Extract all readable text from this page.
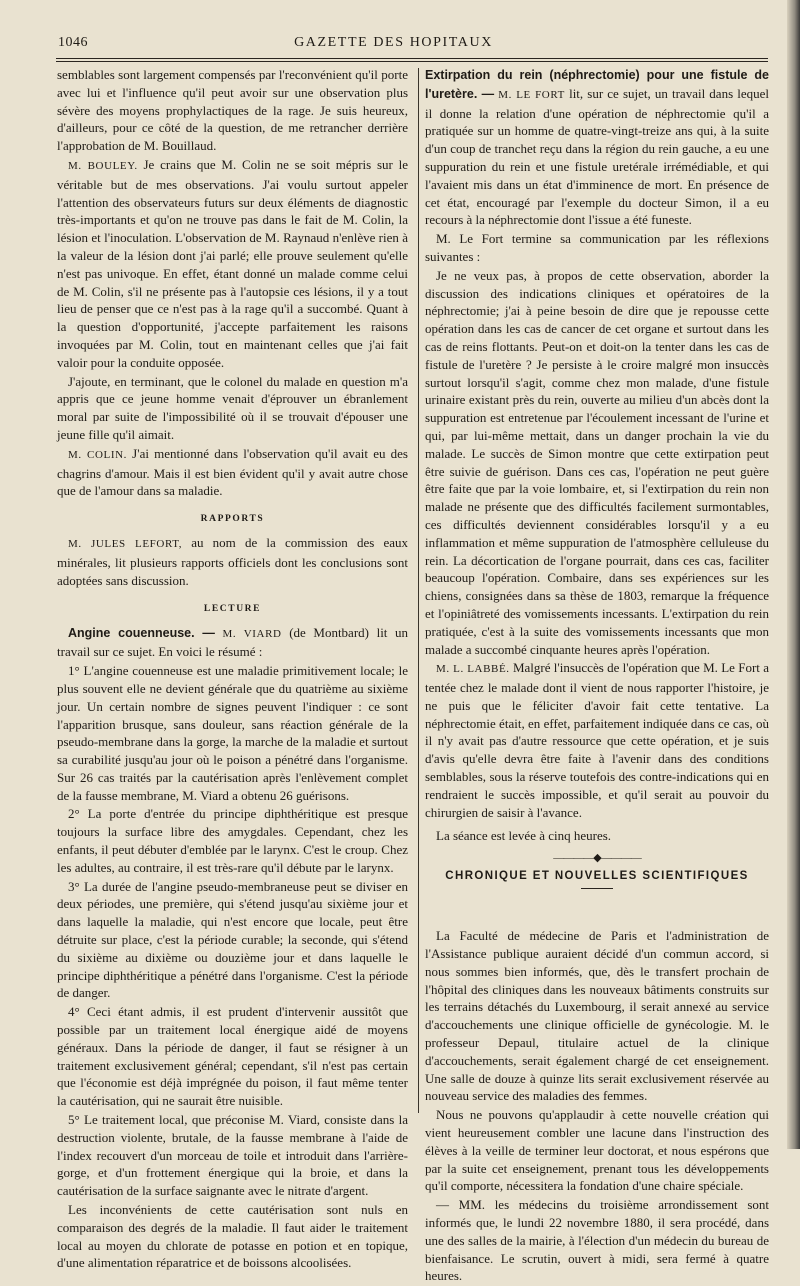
1046	GAZETTE DES HOPITAUX

semblables sont largement compensés par l'reconvénient qu'il porte avec lui et l'influence qu'il peut avoir sur une observation plus sévère des moyens prophylactiques de la rage. Je suis heureux, d'ailleurs, pour ce côté de la question, de me retrancher derrière l'approbation de M. Bouillaud.

M. BOULEY. Je crains que M. Colin ne se soit mépris sur le véritable but de mes observations. J'ai voulu surtout appeler l'attention des observateurs futurs sur deux éléments de diagnostic très-importants et qu'on ne trouve pas dans le fait de M. Colin, la lésion et l'inoculation. L'observation de M. Raynaud n'enlève rien à la valeur de la lésion dont j'ai parlé; elle prouve seulement qu'elle n'est pas univoque. En effet, étant donné un malade comme celui de M. Colin, s'il ne présente pas à l'autopsie ces lésions, il y a tout lieu de penser que ce n'est pas à la rage qu'il a succombé. Quant à la question d'opportunité, j'accepte parfaitement les raisons invoquées par M. Colin, tout en maintenant celles que j'ai fait valoir pour la conduite opposée.

J'ajoute, en terminant, que le colonel du malade en question m'a appris que ce jeune homme venait d'éprouver un ébranlement moral par suite de l'impossibilité où il se trouvait d'épouser une jeune fille qu'il aimait.

M. COLIN. J'ai mentionné dans l'observation qu'il avait eu des chagrins d'amour. Mais il est bien évident qu'il y avait autre chose que de l'amour dans sa maladie.

RAPPORTS

M. JULES LEFORT, au nom de la commission des eaux minérales, lit plusieurs rapports officiels dont les conclusions sont adoptées sans discussion.

LECTURE

Angine couenneuse. — M. VIARD (de Montbard) lit un travail sur ce sujet. En voici le résumé :

1° L'angine couenneuse est une maladie primitivement locale; le plus souvent elle ne devient générale que du quatrième au sixième jour. Un certain nombre de signes peuvent l'indiquer : ce sont l'apparition brusque, sans douleur, sans réaction générale de la pseudo-membrane dans la gorge, la marche de la maladie et surtout sa curabilité jusqu'au jour où le poison a pénétré dans l'organisme. Sur 26 cas traités par la cautérisation après l'enlèvement complet de la fausse membrane, M. Viard a obtenu 26 guérisons.

2° La porte d'entrée du principe diphthéritique est presque toujours la surface libre des amygdales. Cependant, chez les enfants, il peut débuter d'emblée par le larynx. C'est le croup. Chez les adultes, au contraire, il est très-rare qu'il débute par le larynx.

3° La durée de l'angine pseudo-membraneuse peut se diviser en deux périodes, une première, qui s'étend jusqu'au sixième jour et dans laquelle la maladie, qui n'est encore que locale, peut être détruite sur place, c'est la période curable; la seconde, qui s'étend du sixième au dixième ou douzième jour et dans laquelle le principe diphthéritique a pénétré dans l'organisme. C'est la période de danger.

4° Ceci étant admis, il est prudent d'intervenir aussitôt que possible par un traitement local énergique aidé de moyens généraux. Dans la période de danger, il faut se résigner à un traitement exclusivement général; cependant, s'il n'est pas certain que l'économie est déjà imprégnée du poison, il faut même tenter la cautérisation, qui ne saurait être nuisible.

5° Le traitement local, que préconise M. Viard, consiste dans la destruction violente, brutale, de la fausse membrane à l'aide de l'index recouvert d'un morceau de toile et introduit dans l'arrière-gorge, et d'un frottement énergique qui la broie, et dans la cautérisation de la surface saignante avec le nitrate d'argent.

Les inconvénients de cette cautérisation sont nuls en comparaison des degrés de la maladie. Il faut aider le traitement local au moyen du chlorate de potasse en potion et en topique, d'une alimentation réparatrice et de boissons alcoolisées.

Extirpation du rein (néphrectomie) pour une fistule de l'uretère. — M. LE FORT lit, sur ce sujet, un travail dans lequel il donne la relation d'une opération de néphrectomie qu'il a pratiquée sur un homme de quatre-vingt-treize ans qui, à la suite d'un coup de tranchet reçu dans la région du rein gauche, a eu une suppuration du rein et une fistule uretérale irrémédiable, et qui l'avaient mis dans un état d'imminence de mort. En présence de cet état, encouragé par l'exemple du docteur Simon, il a eu recours à la néphrectomie dont l'issue a été funeste.

M. Le Fort termine sa communication par les réflexions suivantes :

Je ne veux pas, à propos de cette observation, aborder la discussion des indications cliniques et opératoires de la néphrectomie; j'ai à peine besoin de dire que je repousse cette opération dans les cas de cancer de cet organe et surtout dans les cas de reins flottants. Peut-on et doit-on la tenter dans les cas de fistule de l'uretère ? Je persiste à le croire malgré mon insuccès surtout lorsqu'il s'agit, comme chez mon malade, d'une fistule urinaire existant près du rein, ouverte au milieu d'un abcès dont la suppuration est entretenue par l'écoulement incessant de l'urine et qui, par lui-même mettait, dans un danger prochain la vie du malade. Le succès de Simon montre que cette extirpation peut être suivie de guérison. Dans ces cas, l'opération ne peut guère être faite que par la voie lombaire, et, si l'extirpation du rein non malade ne présente que des difficultés facilement surmontables, ces difficultés deviennent considérables lorsqu'il y a eu inflammation et même suppuration de l'atmosphère celluleuse du rein. La décortication de l'organe pourrait, dans ces cas, faciliter beaucoup l'opération. Combaire, dans ses expériences sur les chiens, consignées dans sa thèse de 1803, remarque la fréquence et l'opiniâtreté des vomissements incessants. L'extirpation du rein pratiquée, c'est à la suite des vomissements incessants que mon malade a succombé cinquante heures après l'opération.

M. L. LABBÉ. Malgré l'insuccès de l'opération que M. Le Fort a tentée chez le malade dont il vient de nous rapporter l'histoire, je ne puis que le féliciter d'avoir fait cette tentative. La néphrectomie était, en effet, parfaitement indiquée dans ce cas, où il n'y avait pas d'autre ressource que cette opération, et je suis d'avis qu'elle devra être faite à l'avenir dans des conditions semblables, sous la réserve toutefois des contre-indications qui en rendraient le succès impossible, et qu'il serait au pouvoir du chirurgien de saisir à l'avance.

La séance est levée à cinq heures.

————◆————
CHRONIQUE ET NOUVELLES SCIENTIFIQUES

La Faculté de médecine de Paris et l'administration de l'Assistance publique auraient décidé d'un commun accord, si nous sommes bien informés, que, dès le transfert prochain de l'hôpital des cliniques dans les nouveaux bâtiments construits sur les terrains détachés du Luxembourg, il serait annexé au service d'accouchements une clinique officielle de gynécologie. M. le professeur Depaul, titulaire actuel de la clinique d'accouchements, serait également chargé de cet enseignement. Une salle de douze à quinze lits serait exclusivement réservée au nouveau service des maladies des femmes.

Nous ne pouvons qu'applaudir à cette nouvelle création qui vient heureusement combler une lacune dans l'instruction des élèves à la veille de terminer leur doctorat, et nous espérons que par la suite cet enseignement, prenant tous les développements qu'il comporte, nécessitera la fondation d'une chaire spéciale.

— MM. les médecins du troisième arrondissement sont informés que, le lundi 22 novembre 1880, il sera procédé, dans une des salles de la mairie, à l'élection d'un médecin du bureau de bienfaisance. Le scrutin, ouvert à midi, sera fermé à quatre heures.
